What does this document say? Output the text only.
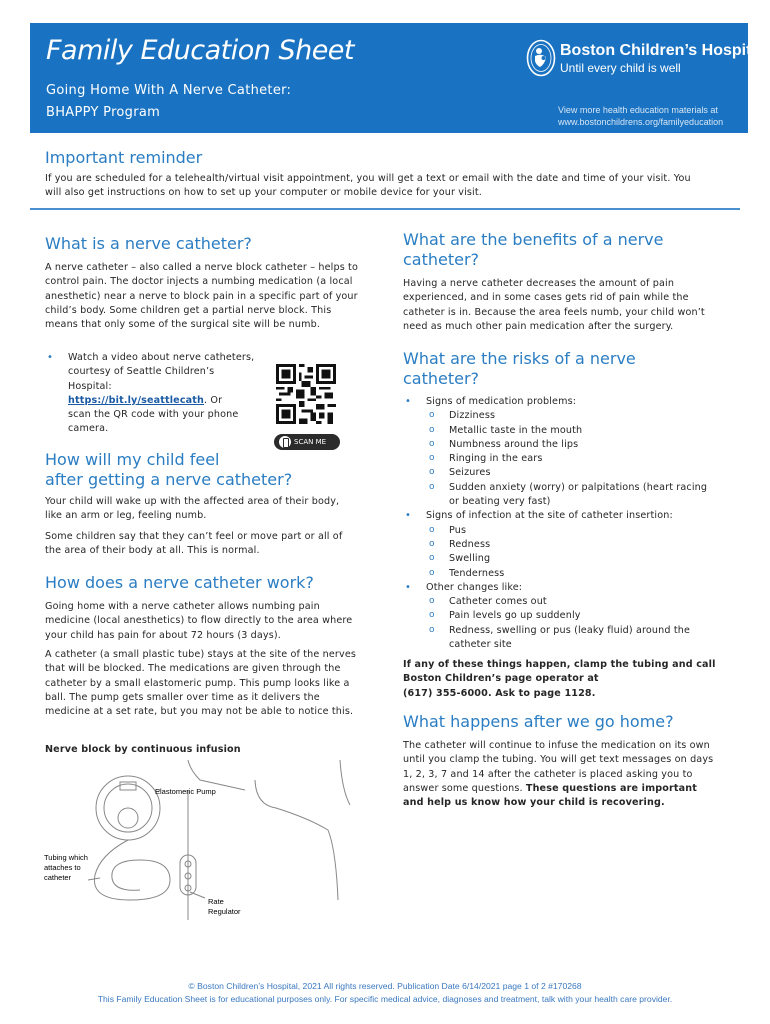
Family Education Sheet
Going Home With A Nerve Catheter:
BHAPPY Program
Boston Children’s Hospital
Until every child is well
View more health education materials at
www.bostonchildrens.org/familyeducation
Important reminder
If you are scheduled for a telehealth/virtual visit appointment, you will get a text or email with the date and time of your visit. You
will also get instructions on how to set up your computer or mobile device for your visit.
What is a nerve catheter?
A nerve catheter – also called a nerve block catheter – helps to
control pain. The doctor injects a numbing medication (a local
anesthetic) near a nerve to block pain in a specific part of your
child’s body. Some children get a partial nerve block. This
means that only some of the surgical site will be numb.
• Watch a video about nerve catheters,
courtesy of Seattle Children’s
Hospital:
https://bit.ly/seattlecath. Or
scan the QR code with your phone
camera.
SCAN ME
How will my child feel
after getting a nerve catheter?
Your child will wake up with the affected area of their body,
like an arm or leg, feeling numb.
Some children say that they can’t feel or move part or all of
the area of their body at all. This is normal.
How does a nerve catheter work?
Going home with a nerve catheter allows numbing pain
medicine (local anesthetics) to flow directly to the area where
your child has pain for about 72 hours (3 days).
A catheter (a small plastic tube) stays at the site of the nerves
that will be blocked. The medications are given through the
catheter by a small elastomeric pump. This pump looks like a
ball. The pump gets smaller over time as it delivers the
medicine at a set rate, but you may not be able to notice this.
Nerve block by continuous infusion
Elastomeric Pump
Tubing which
attaches to
catheter
Rate
Regulator
What are the benefits of a nerve
catheter?
Having a nerve catheter decreases the amount of pain
experienced, and in some cases gets rid of pain while the
catheter is in. Because the area feels numb, your child won’t
need as much other pain medication after the surgery.
What are the risks of a nerve
catheter?
• Signs of medication problems:
o Dizziness
o Metallic taste in the mouth
o Numbness around the lips
o Ringing in the ears
o Seizures
o Sudden anxiety (worry) or palpitations (heart racing
or beating very fast)
• Signs of infection at the site of catheter insertion:
o Pus
o Redness
o Swelling
o Tenderness
• Other changes like:
o Catheter comes out
o Pain levels go up suddenly
o Redness, swelling or pus (leaky fluid) around the
catheter site
If any of these things happen, clamp the tubing and call
Boston Children’s page operator at
(617) 355-6000. Ask to page 1128.
What happens after we go home?
The catheter will continue to infuse the medication on its own
until you clamp the tubing. You will get text messages on days
1, 2, 3, 7 and 14 after the catheter is placed asking you to
answer some questions. These questions are important
and help us know how your child is recovering.
© Boston Children’s Hospital, 2021 All rights reserved. Publication Date 6/14/2021 page 1 of 2 #170268
This Family Education Sheet is for educational purposes only. For specific medical advice, diagnoses and treatment, talk with your health care provider.
